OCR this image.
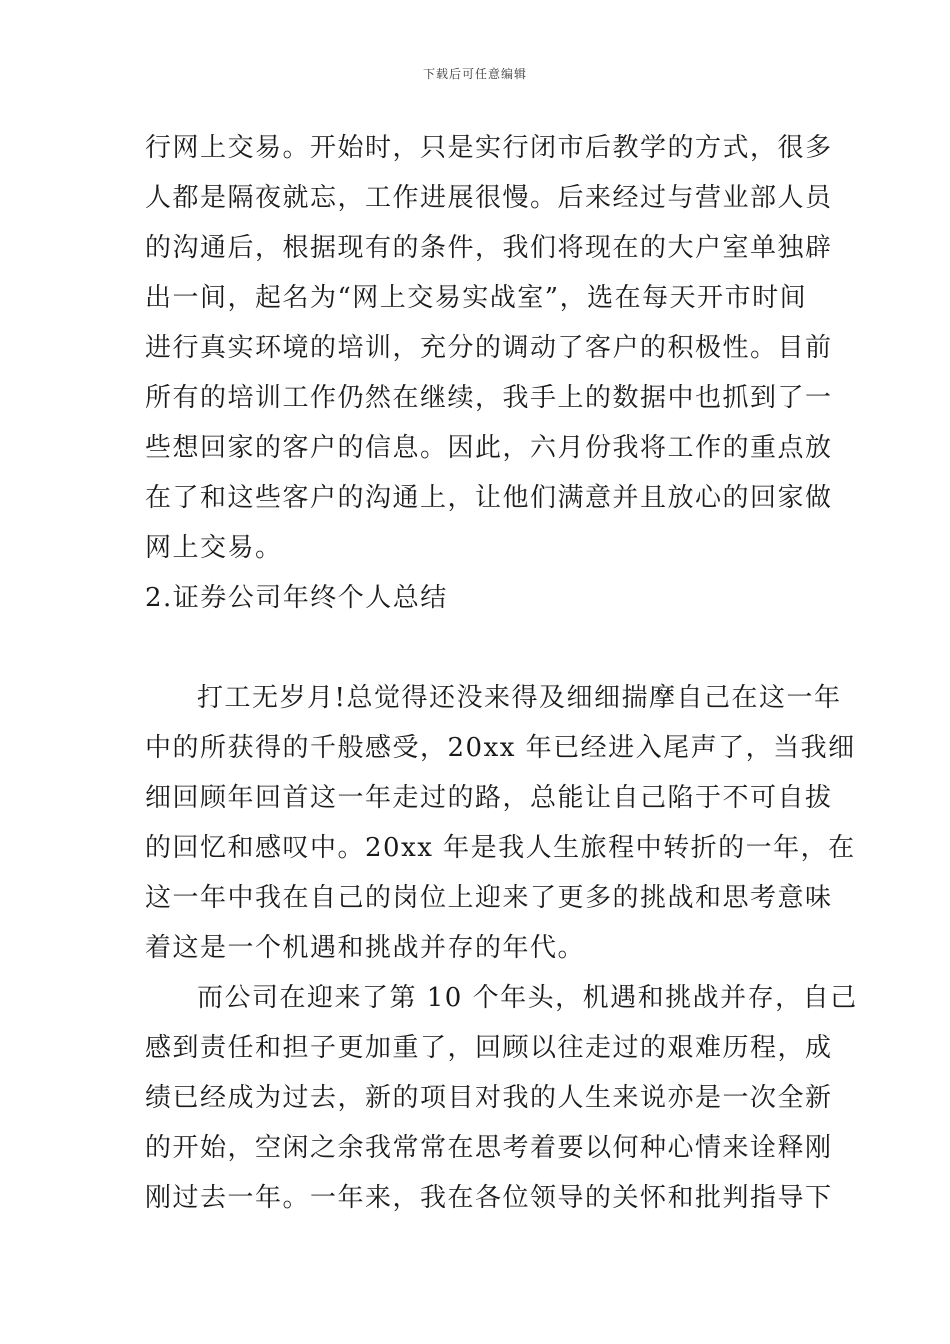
下载后可任意编辑
行网上交易。开始时，只是实行闭市后教学的方式，很多
人都是隔夜就忘，工作进展很慢。后来经过与营业部人员
的沟通后，根据现有的条件，我们将现在的大户室单独辟
出一间，起名为“网上交易实战室”，选在每天开市时间
进行真实环境的培训，充分的调动了客户的积极性。目前
所有的培训工作仍然在继续，我手上的数据中也抓到了一
些想回家的客户的信息。因此，六月份我将工作的重点放
在了和这些客户的沟通上，让他们满意并且放心的回家做
网上交易。
2.证券公司年终个人总结
打工无岁月!总觉得还没来得及细细揣摩自己在这一年
中的所获得的千般感受，20xx 年已经进入尾声了，当我细
细回顾年回首这一年走过的路，总能让自己陷于不可自拔
的回忆和感叹中。20xx 年是我人生旅程中转折的一年，在
这一年中我在自己的岗位上迎来了更多的挑战和思考意味
着这是一个机遇和挑战并存的年代。
而公司在迎来了第 10 个年头，机遇和挑战并存，自己
感到责任和担子更加重了，回顾以往走过的艰难历程，成
绩已经成为过去，新的项目对我的人生来说亦是一次全新
的开始，空闲之余我常常在思考着要以何种心情来诠释刚
刚过去一年。一年来，我在各位领导的关怀和批判指导下
